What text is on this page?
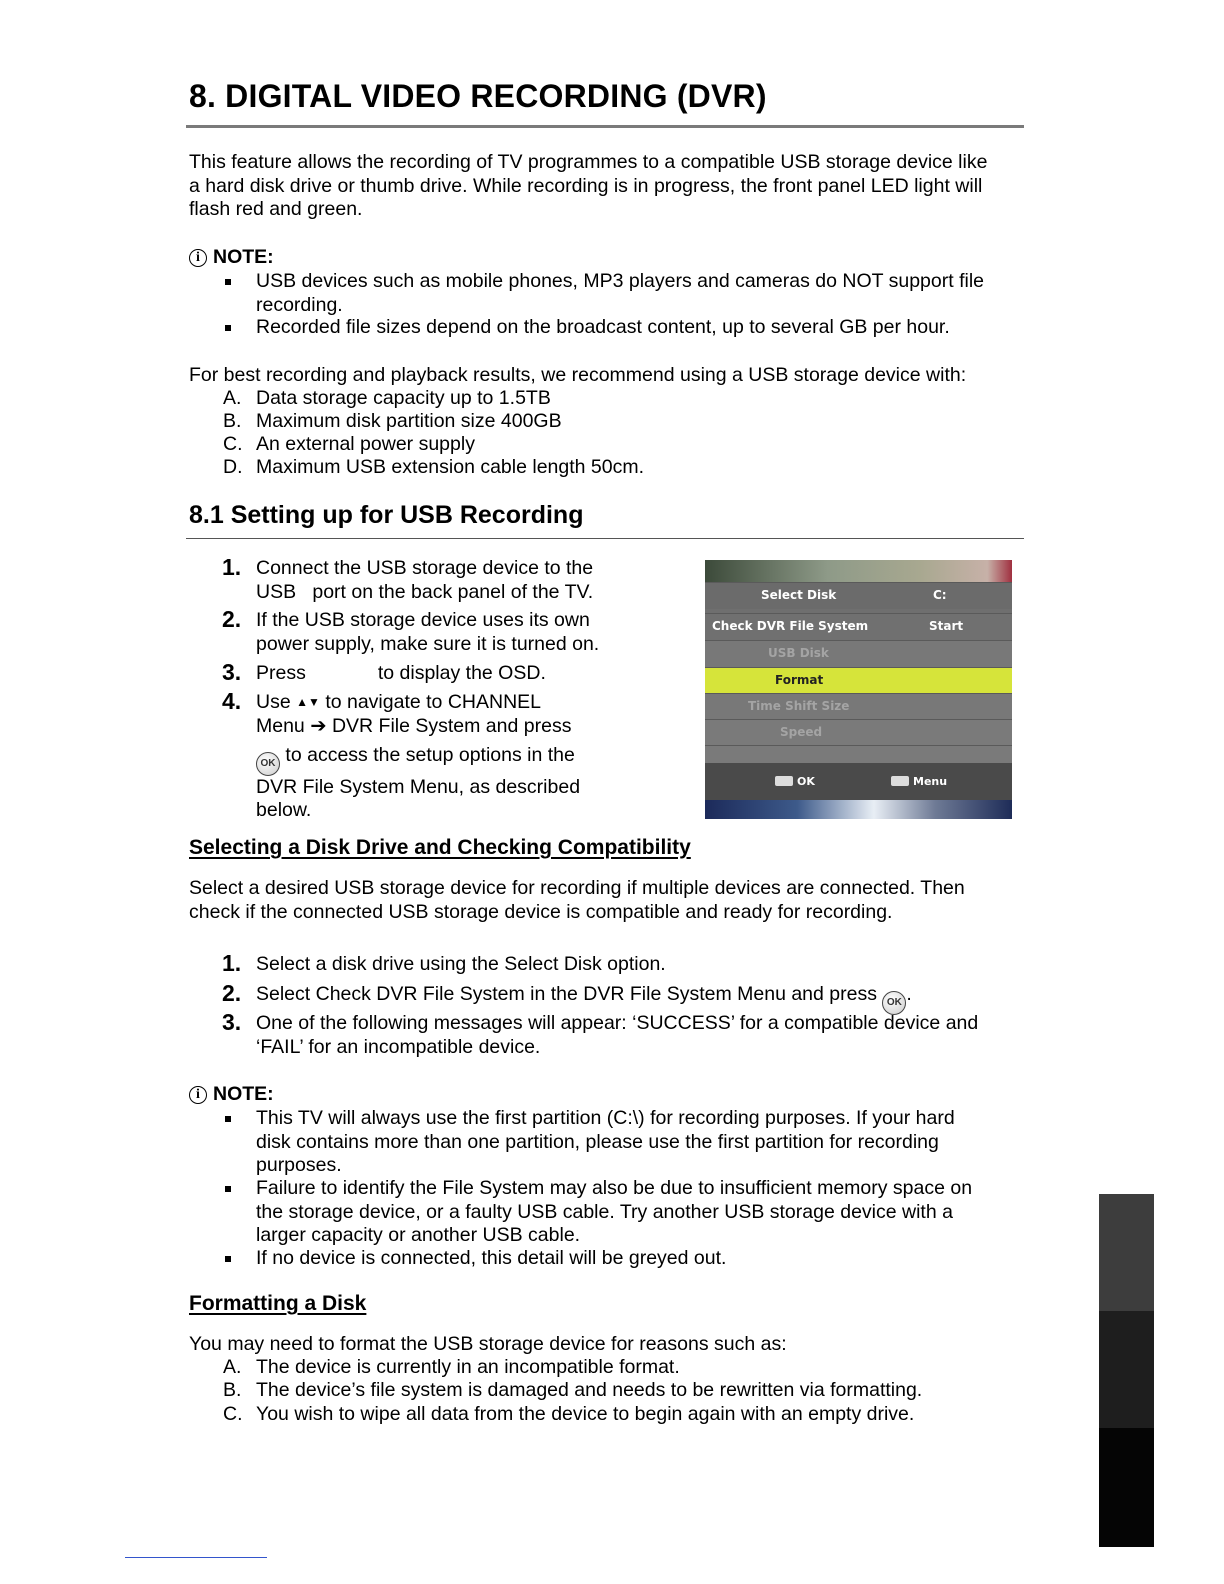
8. DIGITAL VIDEO RECORDING (DVR)
This feature allows the recording of TV programmes to a compatible USB storage device like
a hard disk drive or thumb drive. While recording is in progress, the front panel LED light will
flash red and green.
i NOTE:
USB devices such as mobile phones, MP3 players and cameras do NOT support file
recording.
Recorded file sizes depend on the broadcast content, up to several GB per hour.
For best recording and playback results, we recommend using a USB storage device with:
A. Data storage capacity up to 1.5TB
B. Maximum disk partition size 400GB
C. An external power supply
D. Maximum USB extension cable length 50cm.
8.1 Setting up for USB Recording
1. Connect the USB storage device to the
USB   port on the back panel of the TV.
2. If the USB storage device uses its own
power supply, make sure it is turned on.
3. Press	to display the OSD.
4. Use ▲▼ to navigate to CHANNEL
Menu ➔ DVR File System and press
OK to access the setup options in the
DVR File System Menu, as described
below.
Select Disk	C:
Check DVR File System	Start
USB Disk
Format
Time Shift Size
Speed
OK	Menu
Selecting a Disk Drive and Checking Compatibility
Select a desired USB storage device for recording if multiple devices are connected. Then
check if the connected USB storage device is compatible and ready for recording.
1. Select a disk drive using the Select Disk option.
2. Select Check DVR File System in the DVR File System Menu and press OK .
3. One of the following messages will appear: ‘SUCCESS’ for a compatible device and
‘FAIL’ for an incompatible device.
i NOTE:
This TV will always use the first partition (C:\) for recording purposes. If your hard
disk contains more than one partition, please use the first partition for recording
purposes.
Failure to identify the File System may also be due to insufficient memory space on
the storage device, or a faulty USB cable. Try another USB storage device with a
larger capacity or another USB cable.
If no device is connected, this detail will be greyed out.
Formatting a Disk
You may need to format the USB storage device for reasons such as:
A. The device is currently in an incompatible format.
B. The device’s file system is damaged and needs to be rewritten via formatting.
C. You wish to wipe all data from the device to begin again with an empty drive.
